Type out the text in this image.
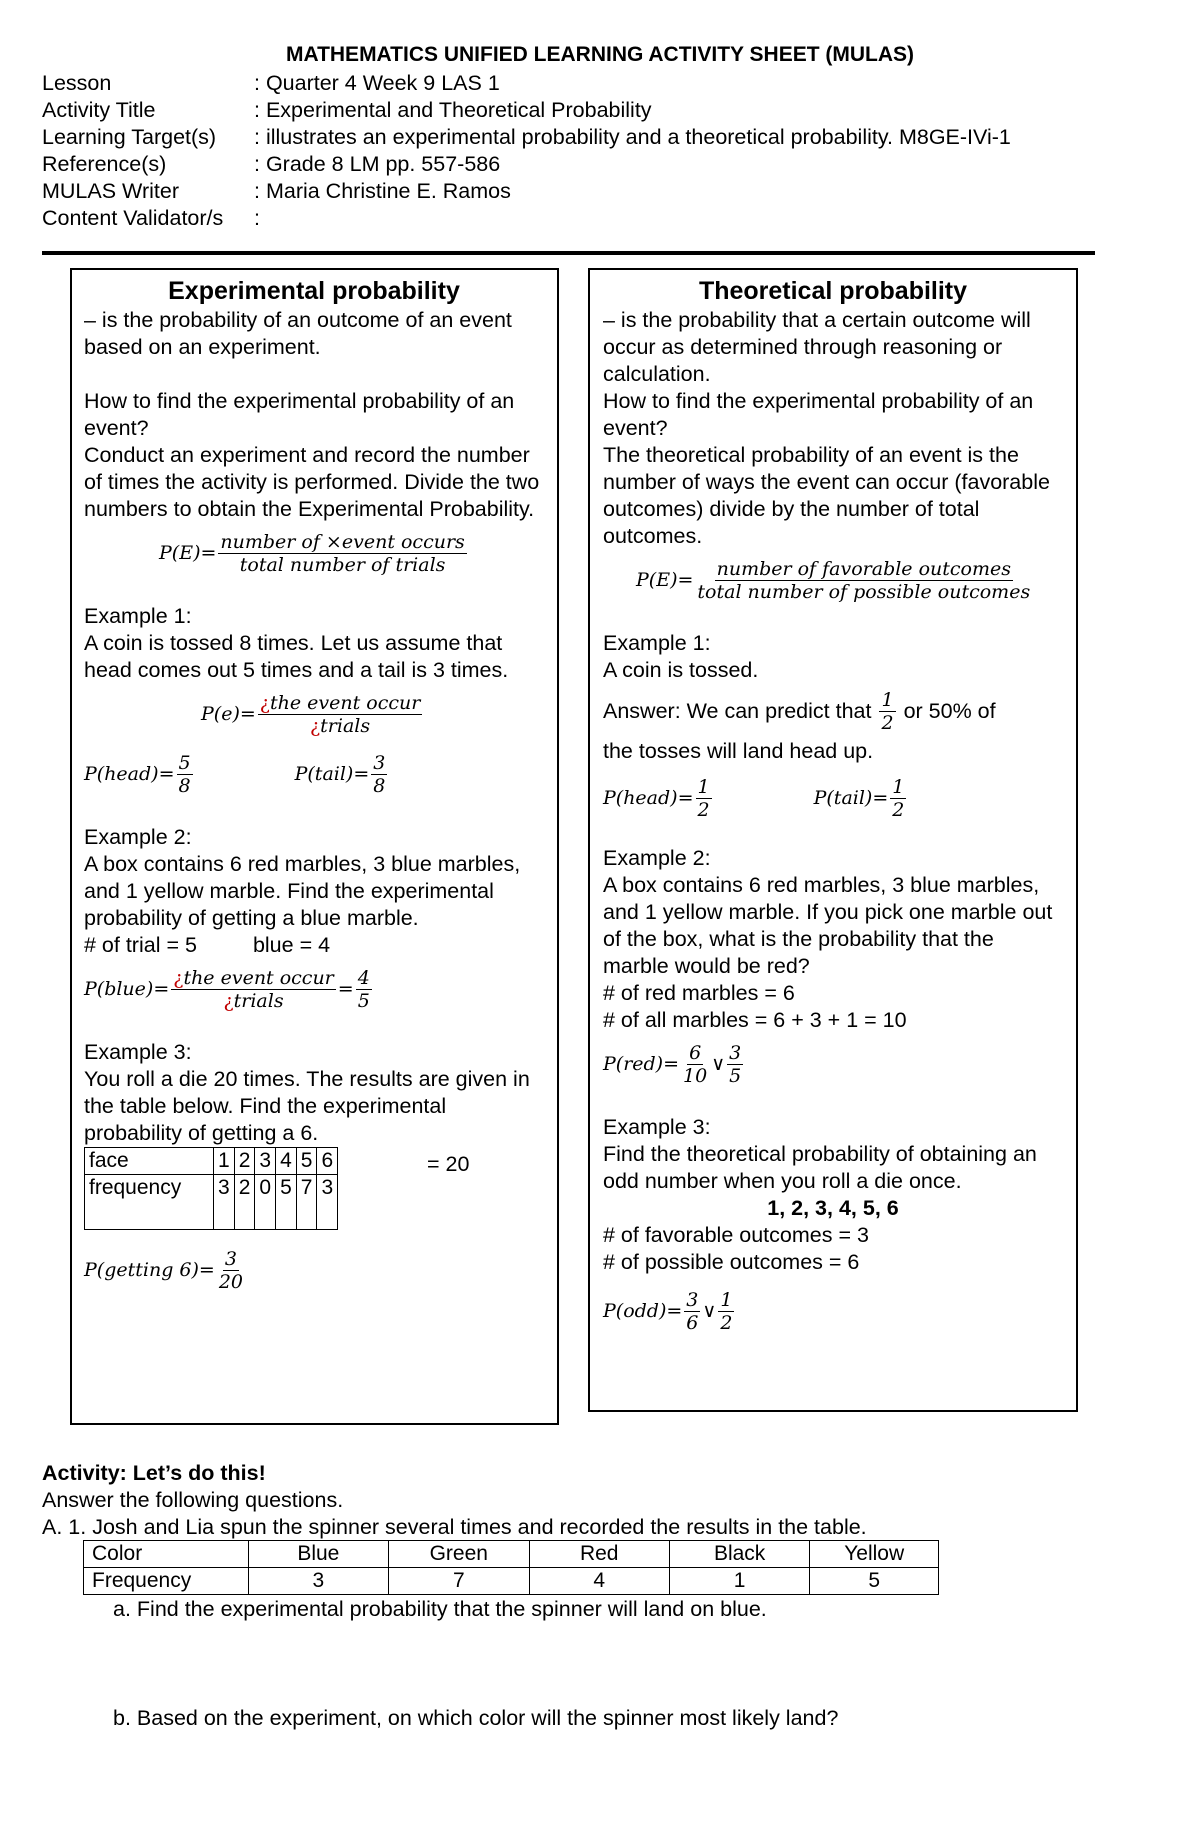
MATHEMATICS UNIFIED LEARNING ACTIVITY SHEET (MULAS)
Lesson	: Quarter 4 Week 9 LAS 1
Activity Title	: Experimental and Theoretical Probability
Learning Target(s) : illustrates an experimental probability and a theoretical probability. M8GE-IVi-1
Reference(s)	: Grade 8 LM pp. 557-586
MULAS Writer	: Maria Christine E. Ramos
Content Validator/s :
Experimental probability
– is the probability of an outcome of an event based on an experiment.
How to find the experimental probability of an event?
Conduct an experiment and record the number of times the activity is performed. Divide the two numbers to obtain the Experimental Probability.
$P(E)= \frac{\text{number of ×event occurs}}{\text{total number of trials}}$
Example 1:
A coin is tossed 8 times. Let us assume that head comes out 5 times and a tail is 3 times.
$P(e)= \frac{\text{¿the event occur}}{\text{¿trials}}$
P(head)= $\frac{5}{8}$	P(tail)= $\frac{3}{8}$
Example 2:
A box contains 6 red marbles, 3 blue marbles, and 1 yellow marble. Find the experimental probability of getting a blue marble.
# of trial = 5	blue = 4
P(blue)= $\frac{\text{¿the event occur}}{\text{¿trials}} = \frac{4}{5}$
Example 3:
You roll a die 20 times. The results are given in the table below. Find the experimental probability of getting a 6.
face	1	2	3	4	5	6
frequency	3	2	0	5	7	3
= 20
P(getting $6)= \frac{3}{20}$
Theoretical probability
– is the probability that a certain outcome will occur as determined through reasoning or calculation.
How to find the experimental probability of an event?
The theoretical probability of an event is the number of ways the event can occur (favorable outcomes) divide by the number of total outcomes.
$P(E)= \frac{\text{number of favorable outcomes}}{\text{total number of possible outcomes}}$
Example 1:
A coin is tossed.
Answer: We can predict that $\frac{1}{2}$ or 50% of
the tosses will land head up.
P(head)= $\frac{1}{2}$	P(tail)= $\frac{1}{2}$
Example 2:
A box contains 6 red marbles, 3 blue marbles, and 1 yellow marble. If you pick one marble out of the box, what is the probability that the marble would be red?
# of red marbles = 6
# of all marbles = 6 + 3 + 1 = 10
$P(red)= \frac{6}{10}$ ∨ $\frac{3}{5}$
Example 3:
Find the theoretical probability of obtaining an odd number when you roll a die once.
1, 2, 3, 4, 5, 6
# of favorable outcomes = 3
# of possible outcomes = 6
$P(odd)= \frac{3}{6}$ ∨ $\frac{1}{2}$
Activity: Let’s do this!
Answer the following questions.
A. 1. Josh and Lia spun the spinner several times and recorded the results in the table.
Color	Blue	Green	Red	Black	Yellow
Frequency	3	7	4	1	5
a. Find the experimental probability that the spinner will land on blue.
b. Based on the experiment, on which color will the spinner most likely land?
